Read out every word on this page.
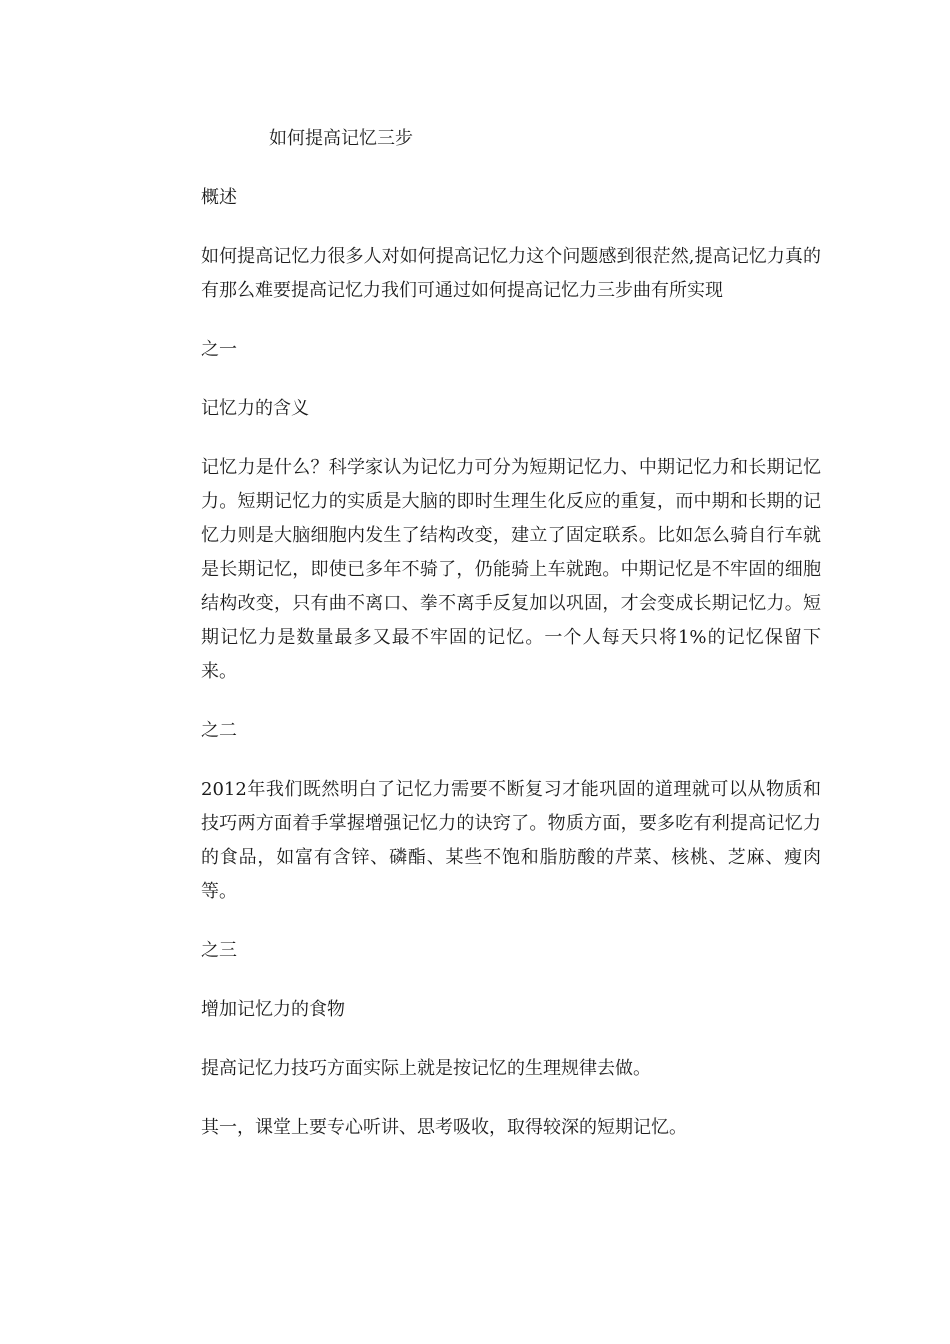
如何提高记忆三步

概述

如何提高记忆力很多人对如何提高记忆力这个问题感到很茫然,提高记忆力真的有那么难要提高记忆力我们可通过如何提高记忆力三步曲有所实现

之一

记忆力的含义

记忆力是什么？科学家认为记忆力可分为短期记忆力、中期记忆力和长期记忆力。短期记忆力的实质是大脑的即时生理生化反应的重复，而中期和长期的记忆力则是大脑细胞内发生了结构改变，建立了固定联系。比如怎么骑自行车就是长期记忆，即使已多年不骑了，仍能骑上车就跑。中期记忆是不牢固的细胞结构改变，只有曲不离口、拳不离手反复加以巩固，才会变成长期记忆力。短期记忆力是数量最多又最不牢固的记忆。一个人每天只将1%的记忆保留下来。

之二

2012年我们既然明白了记忆力需要不断复习才能巩固的道理就可以从物质和技巧两方面着手掌握增强记忆力的诀窍了。物质方面，要多吃有利提高记忆力的食品，如富有含锌、磷酯、某些不饱和脂肪酸的芹菜、核桃、芝麻、瘦肉等。

之三

增加记忆力的食物

提高记忆力技巧方面实际上就是按记忆的生理规律去做。

其一，课堂上要专心听讲、思考吸收，取得较深的短期记忆。
